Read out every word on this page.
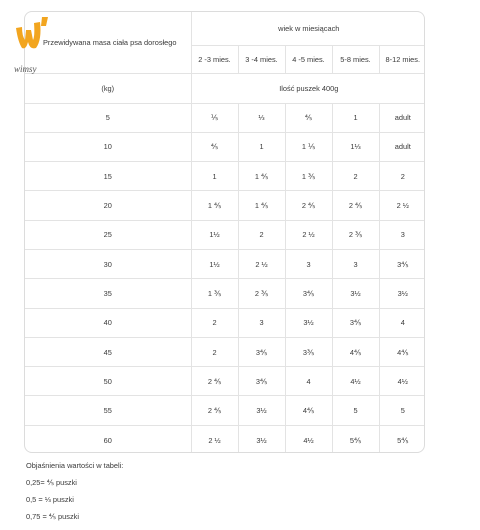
Przewidywana masa ciała psa dorosłego	wiek w miesiącach				
	2 -3 mies.	3 -4 mies.	4 -5 mies.	5-8 mies.	8-12 mies.
(kg)	Ilość puszek 400g				
5	⅕	⅓	⅘	1	adult
10	⅘	1	1 ⅕	1⅓	adult
15	1	1 ⅘	1 ⅗	2	2
20	1 ⅘	1 ⅘	2 ⅘	2 ⅘	2 ½
25	1½	2	2 ½	2 ⅗	3
30	1½	2 ½	3	3	3⅘
35	1 ⅗	2 ⅗	3⅘	3½	3½
40	2	3	3½	3⅘	4
45	2	3⅘	3⅗	4⅘	4⅘
50	2 ⅘	3⅘	4	4½	4½
55	2 ⅘	3½	4⅘	5	5
60	2 ½	3½	4½	5⅘	5⅘
wimsy
Objaśnienia wartości w tabeli:
0,25= ⅘ puszki
0,5 = ⅓ puszki
0,75 = ⅘ puszki
